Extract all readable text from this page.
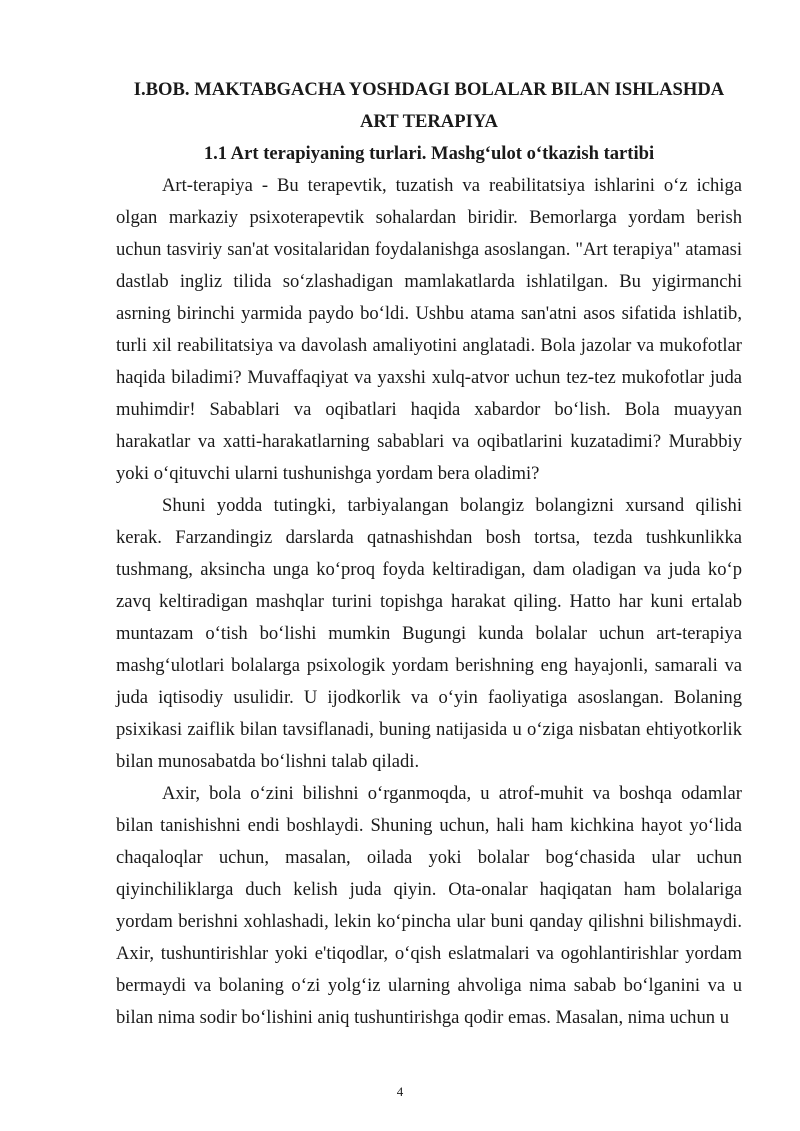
I.BOB. MAKTABGACHA YOSHDAGI BOLALAR BILAN ISHLASHDA ART TERAPIYA
1.1 Art terapiyaning turlari. Mashg‘ulot o‘tkazish tartibi

Art-terapiya - Bu terapevtik, tuzatish va reabilitatsiya ishlarini o‘z ichiga olgan markaziy psixoterapevtik sohalardan biridir. Bemorlarga yordam berish uchun tasviriy san'at vositalaridan foydalanishga asoslangan. "Art terapiya" atamasi dastlab ingliz tilida so‘zlashadigan mamlakatlarda ishlatilgan. Bu yigirmanchi asrning birinchi yarmida paydo bo‘ldi. Ushbu atama san'atni asos sifatida ishlatib, turli xil reabilitatsiya va davolash amaliyotini anglatadi. Bola jazolar va mukofotlar haqida biladimi? Muvaffaqiyat va yaxshi xulq-atvor uchun tez-tez mukofotlar juda muhimdir! Sabablari va oqibatlari haqida xabardor bo‘lish. Bola muayyan harakatlar va xatti-harakatlarning sabablari va oqibatlarini kuzatadimi? Murabbiy yoki o‘qituvchi ularni tushunishga yordam bera oladimi?

Shuni yodda tutingki, tarbiyalangan bolangiz bolangizni xursand qilishi kerak. Farzandingiz darslarda qatnashishdan bosh tortsa, tezda tushkunlikka tushmang, aksincha unga ko‘proq foyda keltiradigan, dam oladigan va juda ko‘p zavq keltiradigan mashqlar turini topishga harakat qiling. Hatto har kuni ertalab muntazam o‘tish bo‘lishi mumkin Bugungi kunda bolalar uchun art-terapiya mashg‘ulotlari bolalarga psixologik yordam berishning eng hayajonli, samarali va juda iqtisodiy usulidir. U ijodkorlik va o‘yin faoliyatiga asoslangan. Bolaning psixikasi zaiflik bilan tavsiflanadi, buning natijasida u o‘ziga nisbatan ehtiyotkorlik bilan munosabatda bo‘lishni talab qiladi.

Axir, bola o‘zini bilishni o‘rganmoqda, u atrof-muhit va boshqa odamlar bilan tanishishni endi boshlaydi. Shuning uchun, hali ham kichkina hayot yo‘lida chaqaloqlar uchun, masalan, oilada yoki bolalar bog‘chasida ular uchun qiyinchiliklarga duch kelish juda qiyin. Ota-onalar haqiqatan ham bolalariga yordam berishni xohlashadi, lekin ko‘pincha ular buni qanday qilishni bilishmaydi. Axir, tushuntirishlar yoki e'tiqodlar, o‘qish eslatmalari va ogohlantirishlar yordam bermaydi va bolaning o‘zi yolg‘iz ularning ahvoliga nima sabab bo‘lganini va u bilan nima sodir bo‘lishini aniq tushuntirishga qodir emas. Masalan, nima uchun u

4
